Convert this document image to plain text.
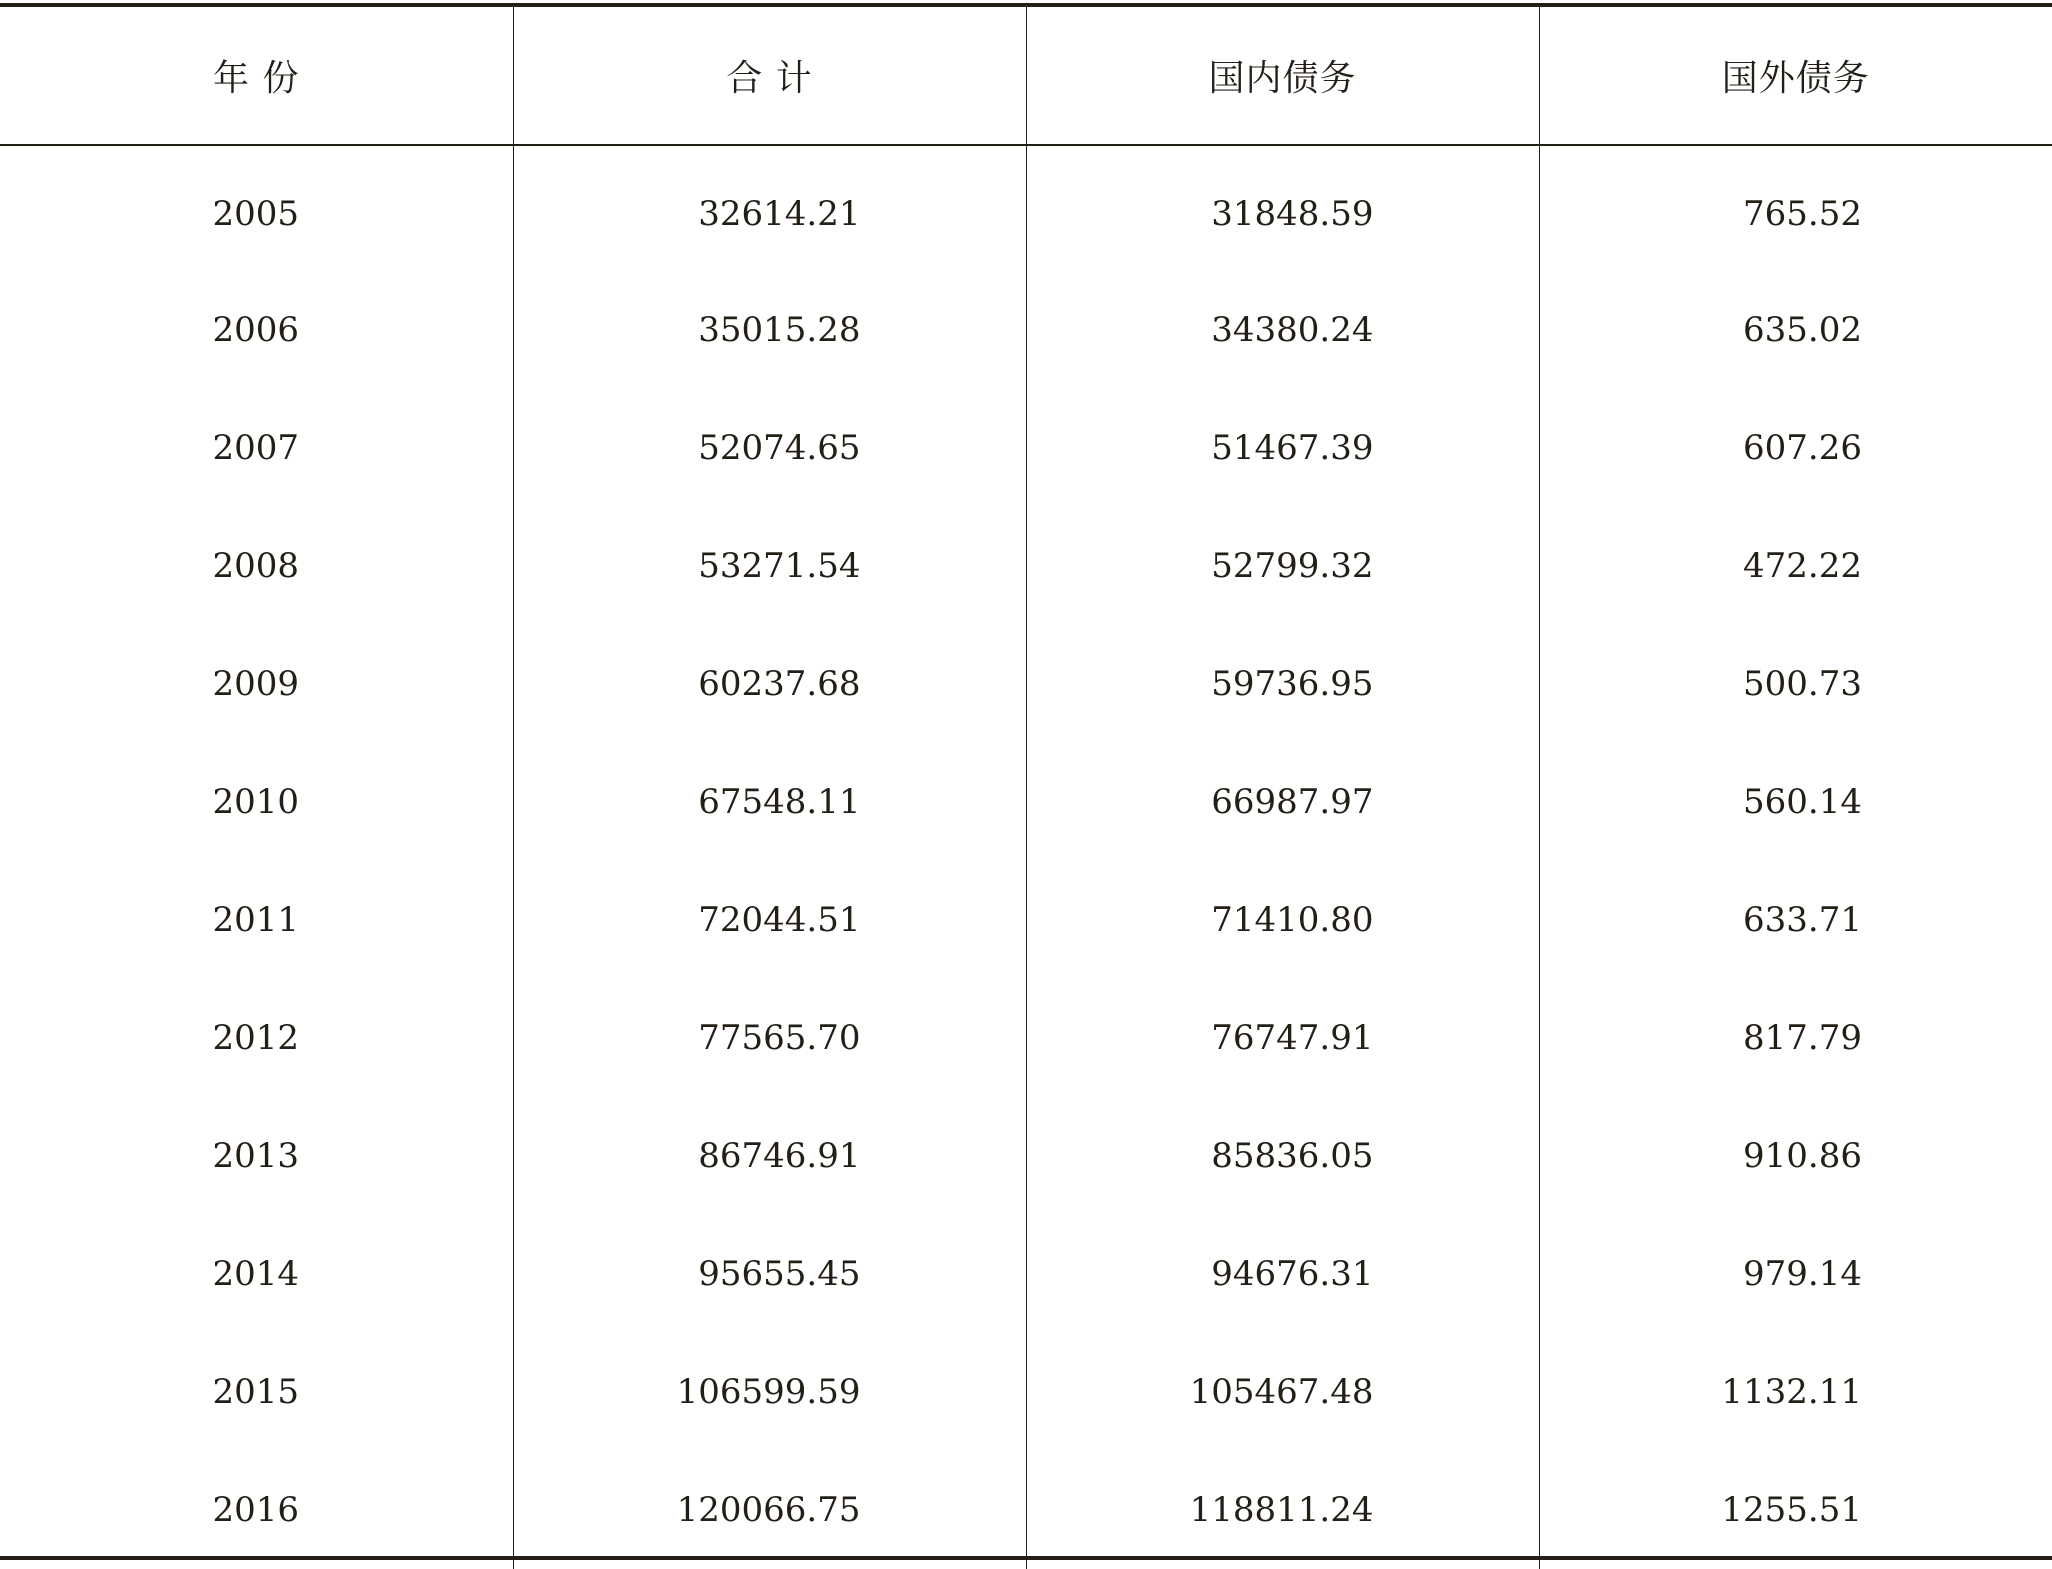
年 份	合 计	国内债务	国外债务
2005	32614.21	31848.59	765.52
2006	35015.28	34380.24	635.02
2007	52074.65	51467.39	607.26
2008	53271.54	52799.32	472.22
2009	60237.68	59736.95	500.73
2010	67548.11	66987.97	560.14
2011	72044.51	71410.80	633.71
2012	77565.70	76747.91	817.79
2013	86746.91	85836.05	910.86
2014	95655.45	94676.31	979.14
2015	106599.59	105467.48	1132.11
2016	120066.75	118811.24	1255.51
